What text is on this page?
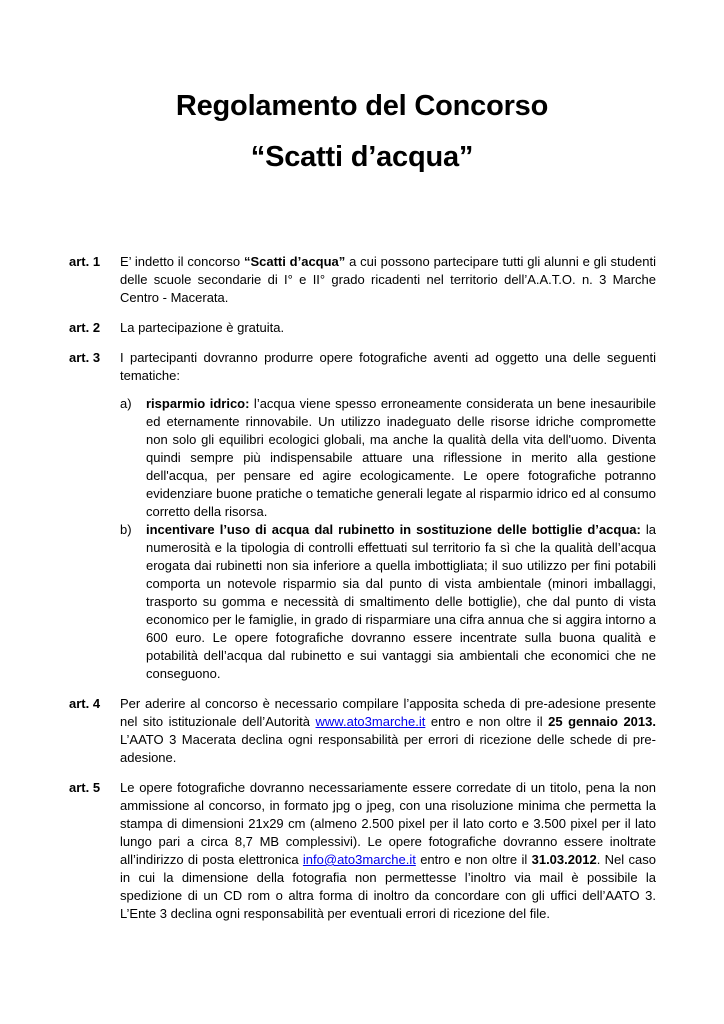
Regolamento del Concorso
“Scatti d’acqua”
art. 1 E’ indetto il concorso “Scatti d’acqua” a cui possono partecipare tutti gli alunni e gli studenti delle scuole secondarie di I° e II° grado ricadenti nel territorio dell’A.A.T.O. n. 3 Marche Centro - Macerata.

art. 2 La partecipazione è gratuita.

art. 3 I partecipanti dovranno produrre opere fotografiche aventi ad oggetto una delle seguenti tematiche:

a) risparmio idrico: l’acqua viene spesso erroneamente considerata un bene inesauribile ed eternamente rinnovabile. Un utilizzo inadeguato delle risorse idriche compromette non solo gli equilibri ecologici globali, ma anche la qualità della vita dell'uomo. Diventa quindi sempre più indispensabile attuare una riflessione in merito alla gestione dell'acqua, per pensare ed agire ecologicamente. Le opere fotografiche potranno evidenziare buone pratiche o tematiche generali legate al risparmio idrico ed al consumo corretto della risorsa.
b) incentivare l’uso di acqua dal rubinetto in sostituzione delle bottiglie d’acqua: la numerosità e la tipologia di controlli effettuati sul territorio fa sì che la qualità dell’acqua erogata dai rubinetti non sia inferiore a quella imbottigliata; il suo utilizzo per fini potabili comporta un notevole risparmio sia dal punto di vista ambientale (minori imballaggi, trasporto su gomma e necessità di smaltimento delle bottiglie), che dal punto di vista economico per le famiglie, in grado di risparmiare una cifra annua che si aggira intorno a 600 euro. Le opere fotografiche dovranno essere incentrate sulla buona qualità e potabilità dell’acqua dal rubinetto e sui vantaggi sia ambientali che economici che ne conseguono.
art. 4 Per aderire al concorso è necessario compilare l’apposita scheda di pre-adesione presente nel sito istituzionale dell’Autorità www.ato3marche.it entro e non oltre il 25 gennaio 2013. L’AATO 3 Macerata declina ogni responsabilità per errori di ricezione delle schede di pre-adesione.

art. 5 Le opere fotografiche dovranno necessariamente essere corredate di un titolo, pena la non ammissione al concorso, in formato jpg o jpeg, con una risoluzione minima che permetta la stampa di dimensioni 21x29 cm (almeno 2.500 pixel per il lato corto e 3.500 pixel per il lato lungo pari a circa 8,7 MB complessivi). Le opere fotografiche dovranno essere inoltrate all’indirizzo di posta elettronica info@ato3marche.it entro e non oltre il 31.03.2012. Nel caso in cui la dimensione della fotografia non permettesse l’inoltro via mail è possibile la spedizione di un CD rom o altra forma di inoltro da concordare con gli uffici dell’AATO 3. L’Ente 3 declina ogni responsabilità per eventuali errori di ricezione del file.
